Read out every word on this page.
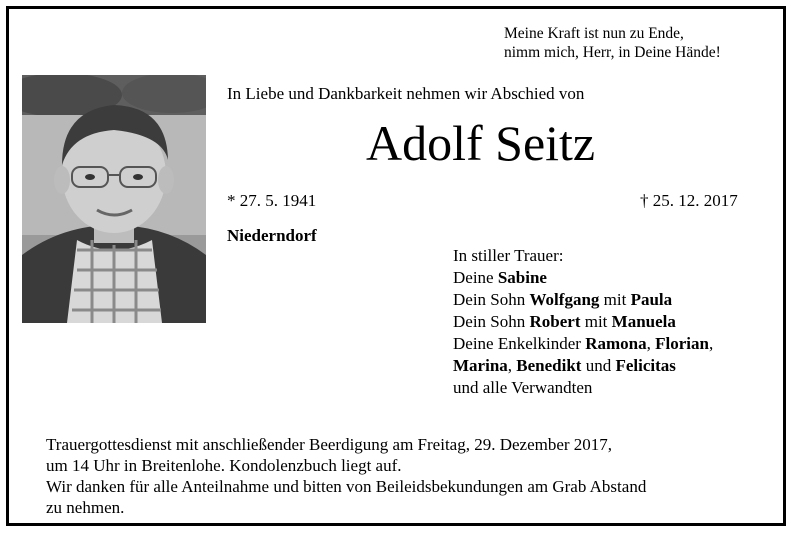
Meine Kraft ist nun zu Ende,
nimm mich, Herr, in Deine Hände!
In Liebe und Dankbarkeit nehmen wir Abschied von
Adolf Seitz
* 27. 5. 1941	† 25. 12. 2017
Niederndorf
In stiller Trauer:
Deine Sabine
Dein Sohn Wolfgang mit Paula
Dein Sohn Robert mit Manuela
Deine Enkelkinder Ramona, Florian,
Marina, Benedikt und Felicitas
und alle Verwandten
Trauergottesdienst mit anschließender Beerdigung am Freitag, 29. Dezember 2017,
um 14 Uhr in Breitenlohe. Kondolenzbuch liegt auf.
Wir danken für alle Anteilnahme und bitten von Beileidsbekundungen am Grab Abstand
zu nehmen.
